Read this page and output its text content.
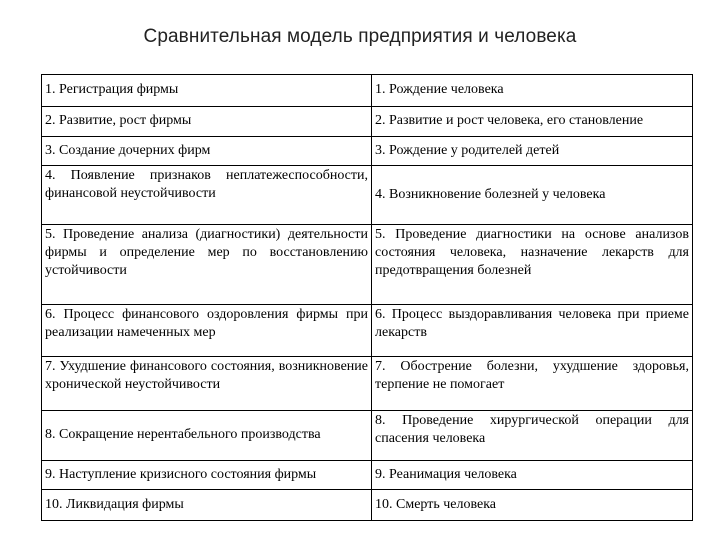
Сравнительная модель предприятия и человека
1. Регистрация фирмы	1. Рождение человека
2. Развитие, рост фирмы	2. Развитие и рост человека, его становление
3. Создание дочерних фирм	3. Рождение у родителей детей
4. Появление признаков неплатежеспособности, финансовой неустойчивости	4. Возникновение болезней у человека
5. Проведение анализа (диагностики) деятельности фирмы и определение мер по восстановлению устойчивости	5. Проведение диагностики на основе анализов состояния человека, назначение лекарств для предотвращения болезней
6. Процесс финансового оздоровления фирмы при реализации намеченных мер	6. Процесс выздоравливания человека при приеме лекарств
7. Ухудшение финансового состояния, возникновение хронической неустойчивости	7. Обострение болезни, ухудшение здоровья, терпение не помогает
8. Сокращение нерентабельного производства	8. Проведение хирургической операции для спасения человека
9. Наступление кризисного состояния фирмы	9. Реанимация человека
10. Ликвидация фирмы	10. Смерть человека
